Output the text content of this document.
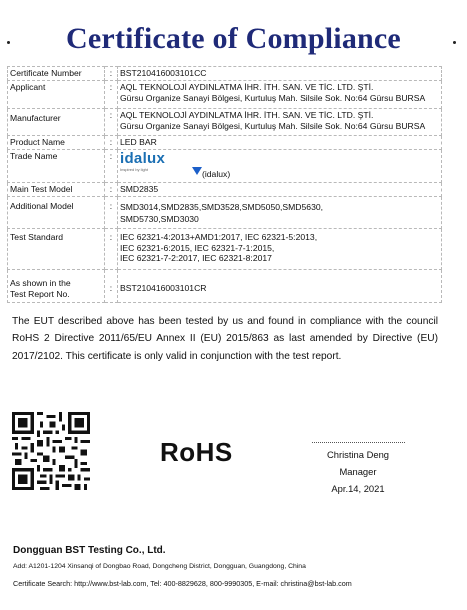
Certificate of Compliance
Certificate Number	:	BST210416003101CC
Applicant	:	AQL TEKNOLOJİ AYDINLATMA İHR. İTH. SAN. VE TİC. LTD. ŞTİ.
Gürsu Organize Sanayi Bölgesi, Kurtuluş Mah. Silsile Sok. No:64 Gürsu BURSA

Manufacturer	:	AQL TEKNOLOJİ AYDINLATMA İHR. İTH. SAN. VE TİC. LTD. ŞTİ.
Gürsu Organize Sanayi Bölgesi, Kurtuluş Mah. Silsile Sok. No:64 Gürsu BURSA

Product Name	:	LED BAR
Trade Name	:	idalux
Inspired by light (idalux)

Main Test Model	:	SMD2835
Additional Model	:	SMD3014,SMD2835,SMD3528,SMD5050,SMD5630,
SMD5730,SMD3030

Test Standard	:	IEC 62321-4:2013+AMD1:2017, IEC 62321-5:2013,
IEC 62321-6:2015, IEC 62321-7-1:2015,
IEC 62321-7-2:2017, IEC 62321-8:2017

As shown in the
Test Report No.	:	BST210416003101CR
The EUT described above has been tested by us and found in compliance with the council RoHS 2 Directive 2011/65/EU Annex II (EU) 2015/863 as last amended by Directive (EU) 2017/2102. This certificate is only valid in conjunction with the test report.
RoHS	Christina Deng
Manager
Apr.14, 2021
Dongguan BST Testing Co., Ltd.
Add: A1201-1204 Xinsanqi of Dongbao Road, Dongcheng District, Dongguan, Guangdong, China
Certificate Search: http://www.bst-lab.com, Tel: 400-8829628, 800-9990305, E-mail: christina@bst-lab.com
